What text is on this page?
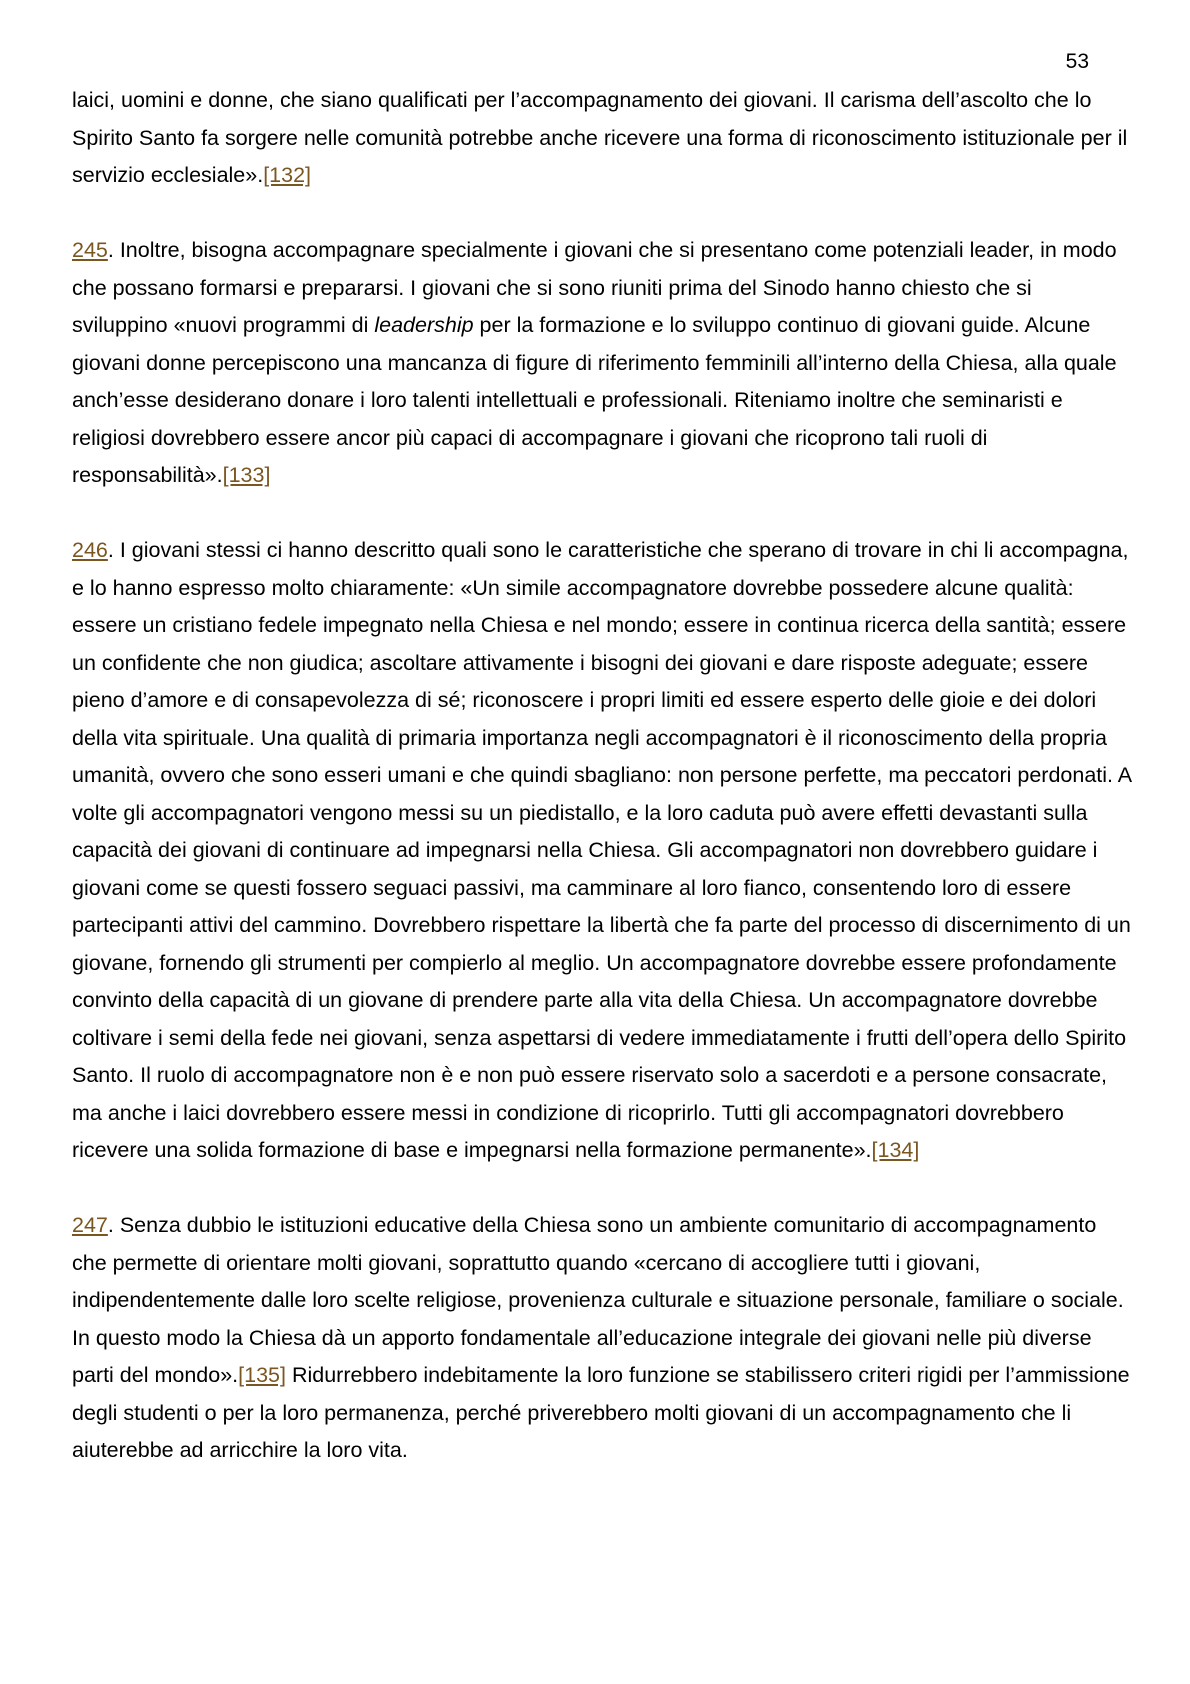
53

laici, uomini e donne, che siano qualificati per l’accompagnamento dei giovani. Il carisma dell’ascolto che lo Spirito Santo fa sorgere nelle comunità potrebbe anche ricevere una forma di riconoscimento istituzionale per il servizio ecclesiale».[132]

245. Inoltre, bisogna accompagnare specialmente i giovani che si presentano come potenziali leader, in modo che possano formarsi e prepararsi. I giovani che si sono riuniti prima del Sinodo hanno chiesto che si sviluppino «nuovi programmi di leadership per la formazione e lo sviluppo continuo di giovani guide. Alcune giovani donne percepiscono una mancanza di figure di riferimento femminili all’interno della Chiesa, alla quale anch’esse desiderano donare i loro talenti intellettuali e professionali. Riteniamo inoltre che seminaristi e religiosi dovrebbero essere ancor più capaci di accompagnare i giovani che ricoprono tali ruoli di responsabilità».[133]

246. I giovani stessi ci hanno descritto quali sono le caratteristiche che sperano di trovare in chi li accompagna, e lo hanno espresso molto chiaramente: «Un simile accompagnatore dovrebbe possedere alcune qualità: essere un cristiano fedele impegnato nella Chiesa e nel mondo; essere in continua ricerca della santità; essere un confidente che non giudica; ascoltare attivamente i bisogni dei giovani e dare risposte adeguate; essere pieno d’amore e di consapevolezza di sé; riconoscere i propri limiti ed essere esperto delle gioie e dei dolori della vita spirituale. Una qualità di primaria importanza negli accompagnatori è il riconoscimento della propria umanità, ovvero che sono esseri umani e che quindi sbagliano: non persone perfette, ma peccatori perdonati. A volte gli accompagnatori vengono messi su un piedistallo, e la loro caduta può avere effetti devastanti sulla capacità dei giovani di continuare ad impegnarsi nella Chiesa. Gli accompagnatori non dovrebbero guidare i giovani come se questi fossero seguaci passivi, ma camminare al loro fianco, consentendo loro di essere partecipanti attivi del cammino. Dovrebbero rispettare la libertà che fa parte del processo di discernimento di un giovane, fornendo gli strumenti per compierlo al meglio. Un accompagnatore dovrebbe essere profondamente convinto della capacità di un giovane di prendere parte alla vita della Chiesa. Un accompagnatore dovrebbe coltivare i semi della fede nei giovani, senza aspettarsi di vedere immediatamente i frutti dell’opera dello Spirito Santo. Il ruolo di accompagnatore non è e non può essere riservato solo a sacerdoti e a persone consacrate, ma anche i laici dovrebbero essere messi in condizione di ricoprirlo. Tutti gli accompagnatori dovrebbero ricevere una solida formazione di base e impegnarsi nella formazione permanente».[134]

247. Senza dubbio le istituzioni educative della Chiesa sono un ambiente comunitario di accompagnamento che permette di orientare molti giovani, soprattutto quando «cercano di accogliere tutti i giovani, indipendentemente dalle loro scelte religiose, provenienza culturale e situazione personale, familiare o sociale. In questo modo la Chiesa dà un apporto fondamentale all’educazione integrale dei giovani nelle più diverse parti del mondo».[135] Ridurrebbero indebitamente la loro funzione se stabilissero criteri rigidi per l’ammissione degli studenti o per la loro permanenza, perché priverebbero molti giovani di un accompagnamento che li aiuterebbe ad arricchire la loro vita.
